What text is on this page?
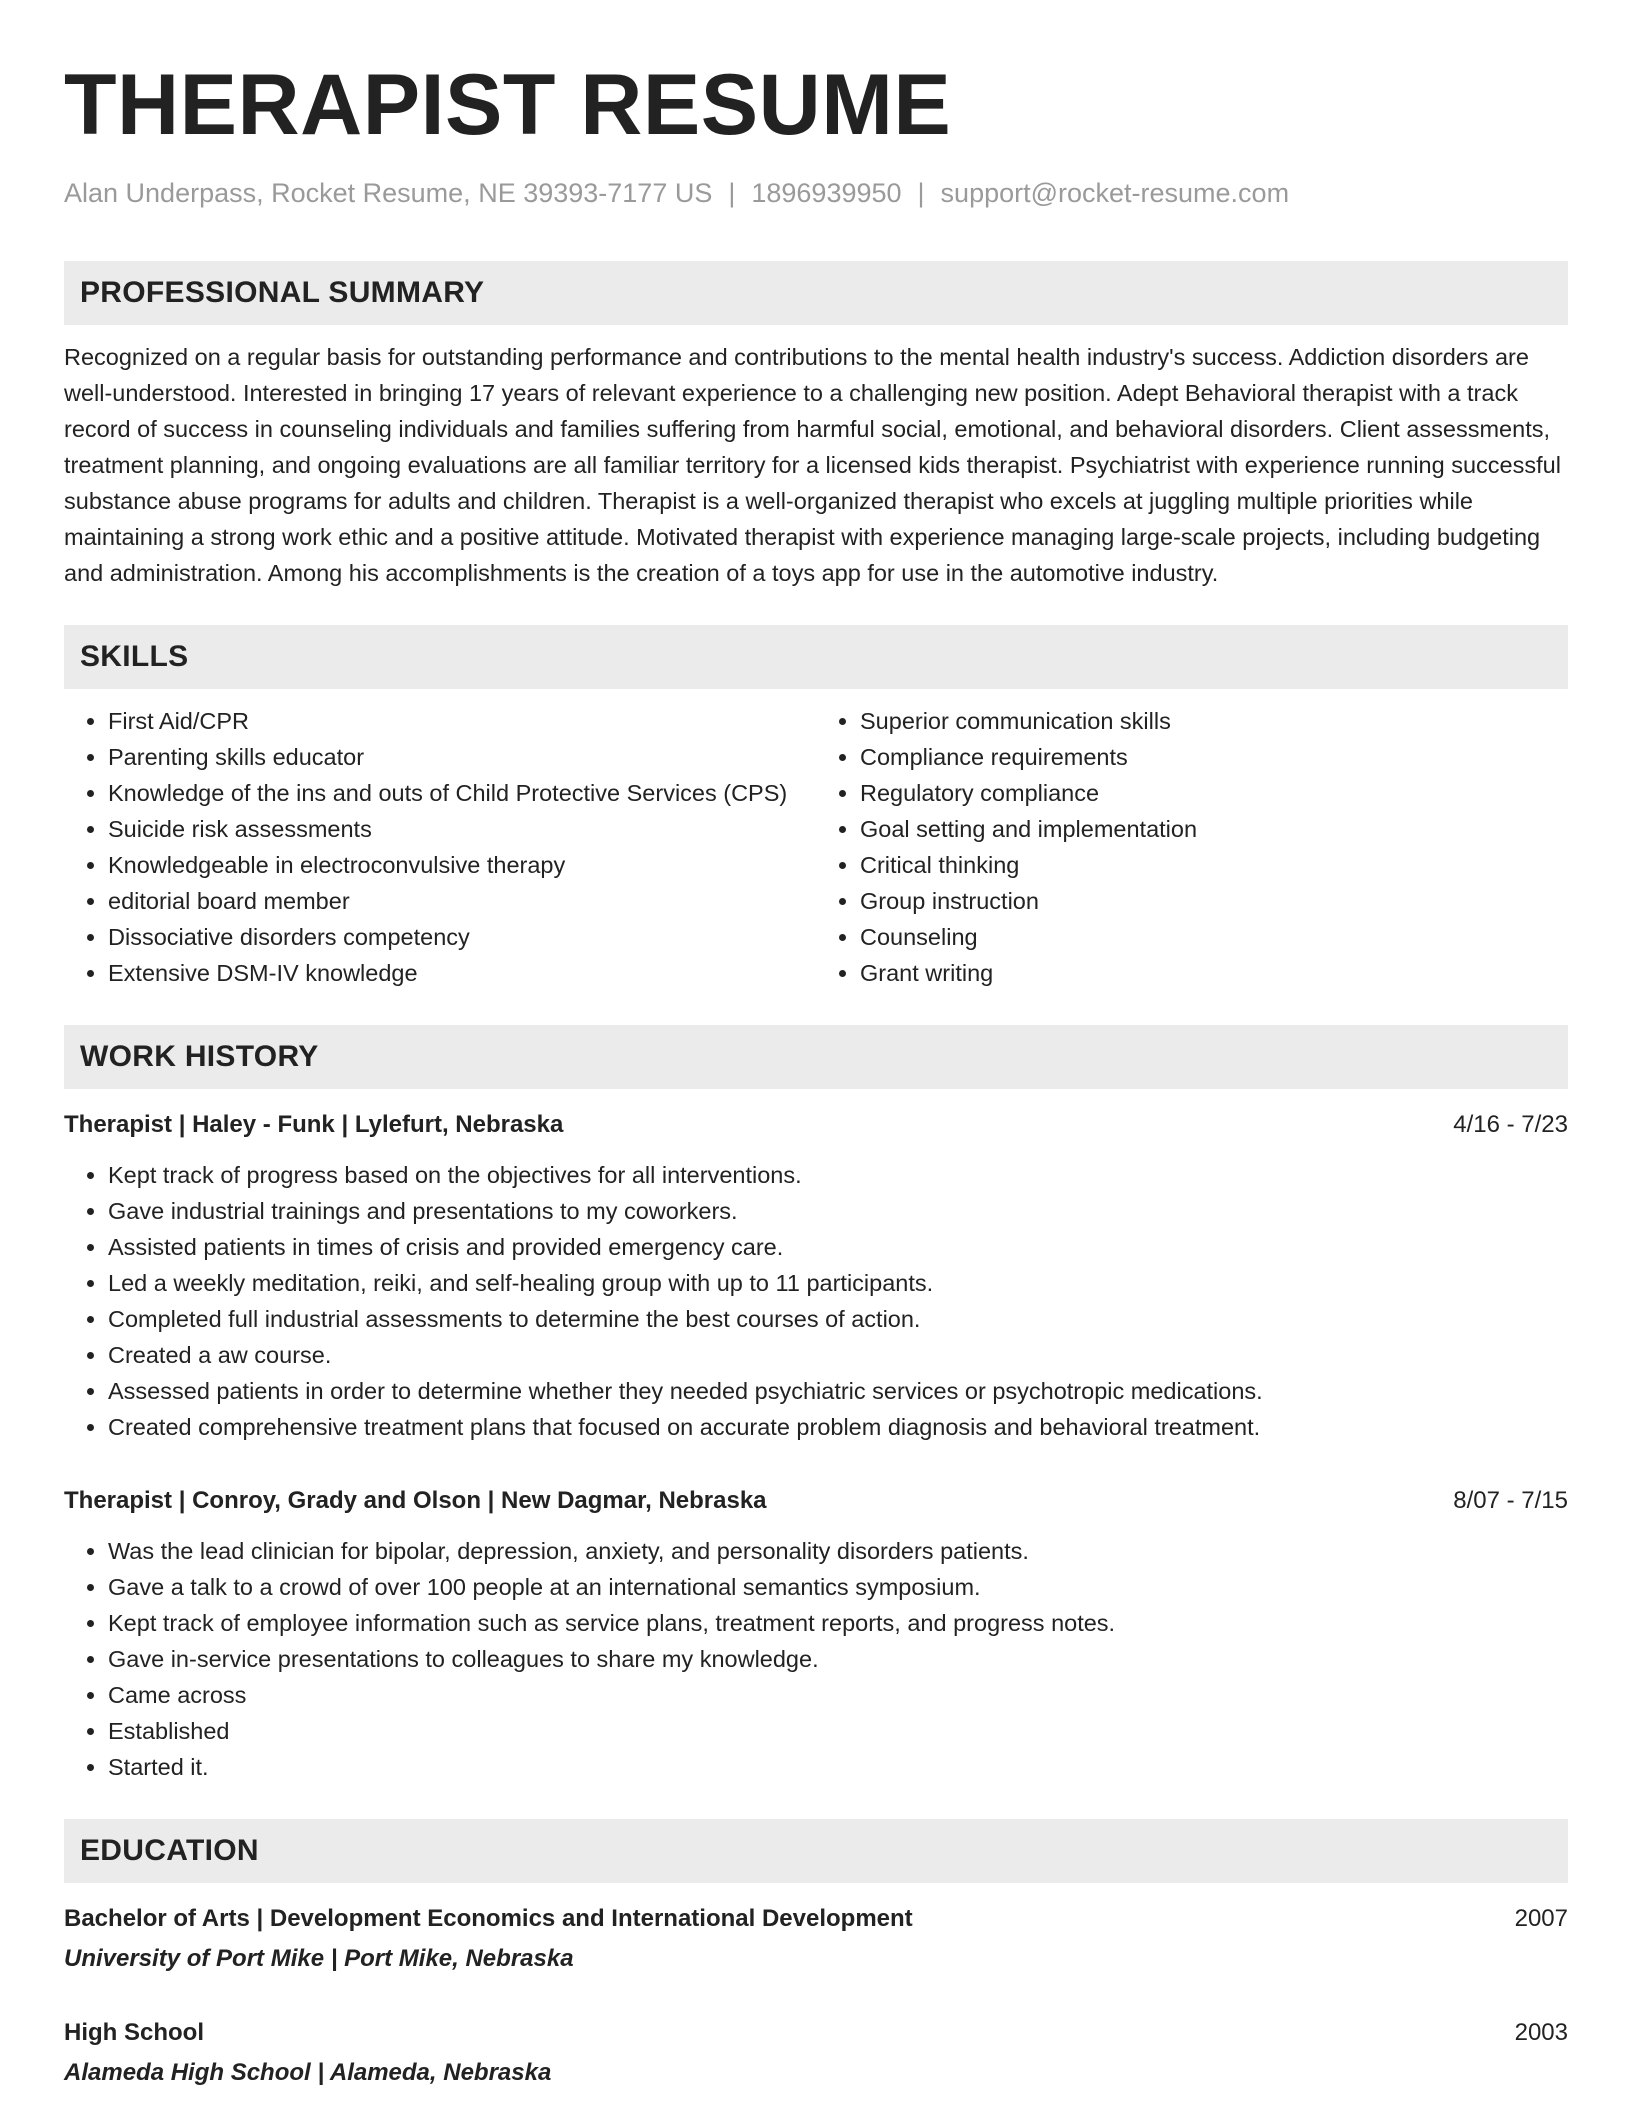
THERAPIST RESUME
Alan Underpass, Rocket Resume, NE 39393-7177 US | 1896939950 | support@rocket-resume.com
PROFESSIONAL SUMMARY
Recognized on a regular basis for outstanding performance and contributions to the mental health industry's success. Addiction disorders are well-understood. Interested in bringing 17 years of relevant experience to a challenging new position. Adept Behavioral therapist with a track record of success in counseling individuals and families suffering from harmful social, emotional, and behavioral disorders. Client assessments, treatment planning, and ongoing evaluations are all familiar territory for a licensed kids therapist. Psychiatrist with experience running successful substance abuse programs for adults and children. Therapist is a well-organized therapist who excels at juggling multiple priorities while maintaining a strong work ethic and a positive attitude. Motivated therapist with experience managing large-scale projects, including budgeting and administration. Among his accomplishments is the creation of a toys app for use in the automotive industry.
SKILLS
• First Aid/CPR
• Parenting skills educator
• Knowledge of the ins and outs of Child Protective Services (CPS)
• Suicide risk assessments
• Knowledgeable in electroconvulsive therapy
• editorial board member
• Dissociative disorders competency
• Extensive DSM-IV knowledge
• Superior communication skills
• Compliance requirements
• Regulatory compliance
• Goal setting and implementation
• Critical thinking
• Group instruction
• Counseling
• Grant writing
WORK HISTORY
Therapist | Haley - Funk | Lylefurt, Nebraska	4/16 - 7/23
• Kept track of progress based on the objectives for all interventions.
• Gave industrial trainings and presentations to my coworkers.
• Assisted patients in times of crisis and provided emergency care.
• Led a weekly meditation, reiki, and self-healing group with up to 11 participants.
• Completed full industrial assessments to determine the best courses of action.
• Created a aw course.
• Assessed patients in order to determine whether they needed psychiatric services or psychotropic medications.
• Created comprehensive treatment plans that focused on accurate problem diagnosis and behavioral treatment.
Therapist | Conroy, Grady and Olson | New Dagmar, Nebraska	8/07 - 7/15
• Was the lead clinician for bipolar, depression, anxiety, and personality disorders patients.
• Gave a talk to a crowd of over 100 people at an international semantics symposium.
• Kept track of employee information such as service plans, treatment reports, and progress notes.
• Gave in-service presentations to colleagues to share my knowledge.
• Came across
• Established
• Started it.
EDUCATION
Bachelor of Arts | Development Economics and International Development	2007
University of Port Mike | Port Mike, Nebraska
High School	2003
Alameda High School | Alameda, Nebraska
